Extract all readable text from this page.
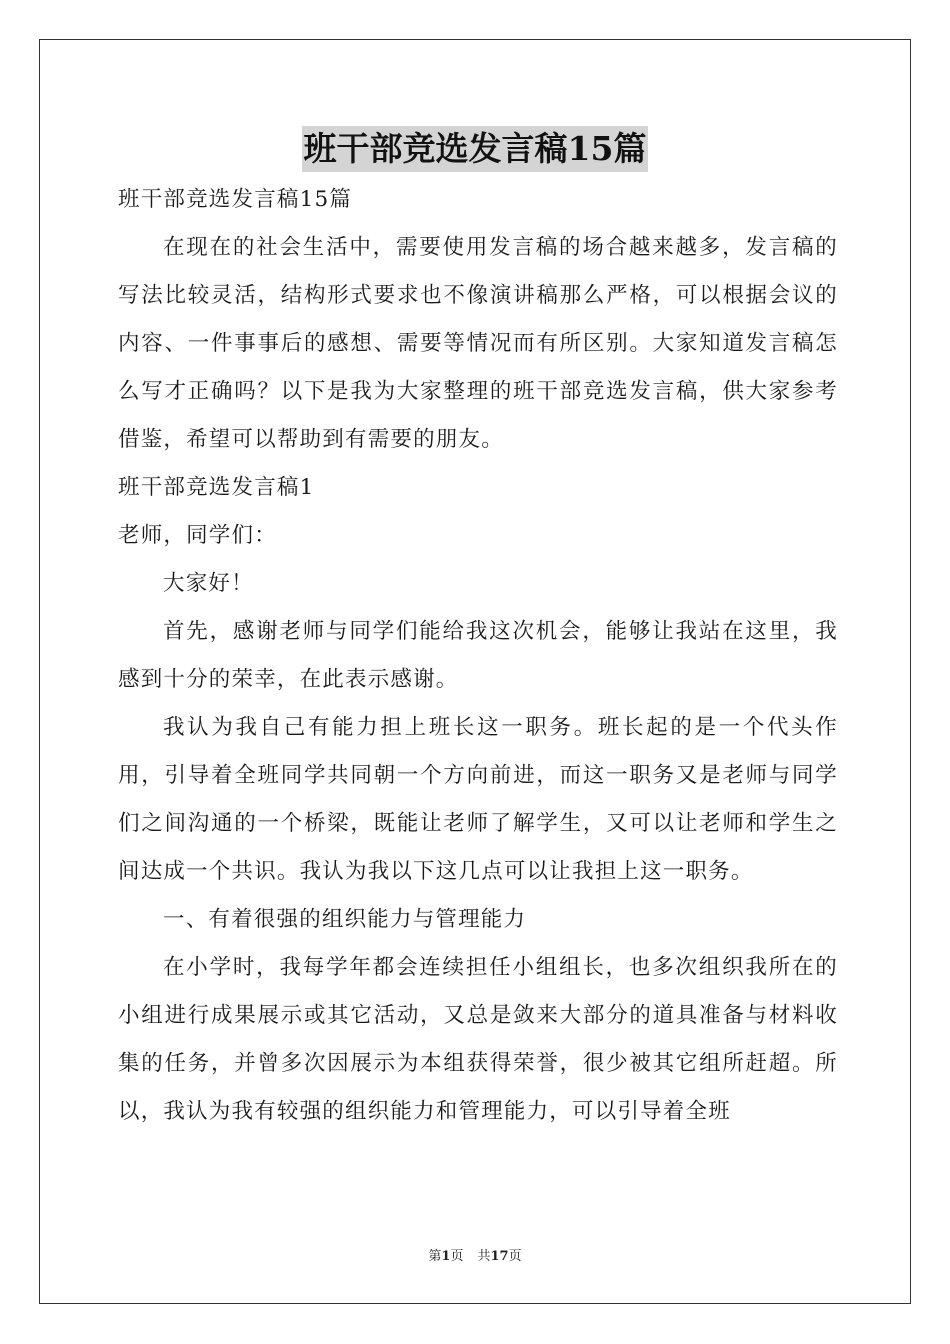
班干部竞选发言稿15篇

班干部竞选发言稿15篇

在现在的社会生活中，需要使用发言稿的场合越来越多，发言稿的写法比较灵活，结构形式要求也不像演讲稿那么严格，可以根据会议的内容、一件事事后的感想、需要等情况而有所区别。大家知道发言稿怎么写才正确吗？以下是我为大家整理的班干部竞选发言稿，供大家参考借鉴，希望可以帮助到有需要的朋友。

班干部竞选发言稿1

老师，同学们：

大家好！

首先，感谢老师与同学们能给我这次机会，能够让我站在这里，我感到十分的荣幸，在此表示感谢。

我认为我自己有能力担上班长这一职务。班长起的是一个代头作用，引导着全班同学共同朝一个方向前进，而这一职务又是老师与同学们之间沟通的一个桥梁，既能让老师了解学生，又可以让老师和学生之间达成一个共识。我认为我以下这几点可以让我担上这一职务。

一、有着很强的组织能力与管理能力

在小学时，我每学年都会连续担任小组组长，也多次组织我所在的小组进行成果展示或其它活动，又总是敛来大部分的道具准备与材料收集的任务，并曾多次因展示为本组获得荣誉，很少被其它组所赶超。所以，我认为我有较强的组织能力和管理能力，可以引导着全班

第1页 共17页
